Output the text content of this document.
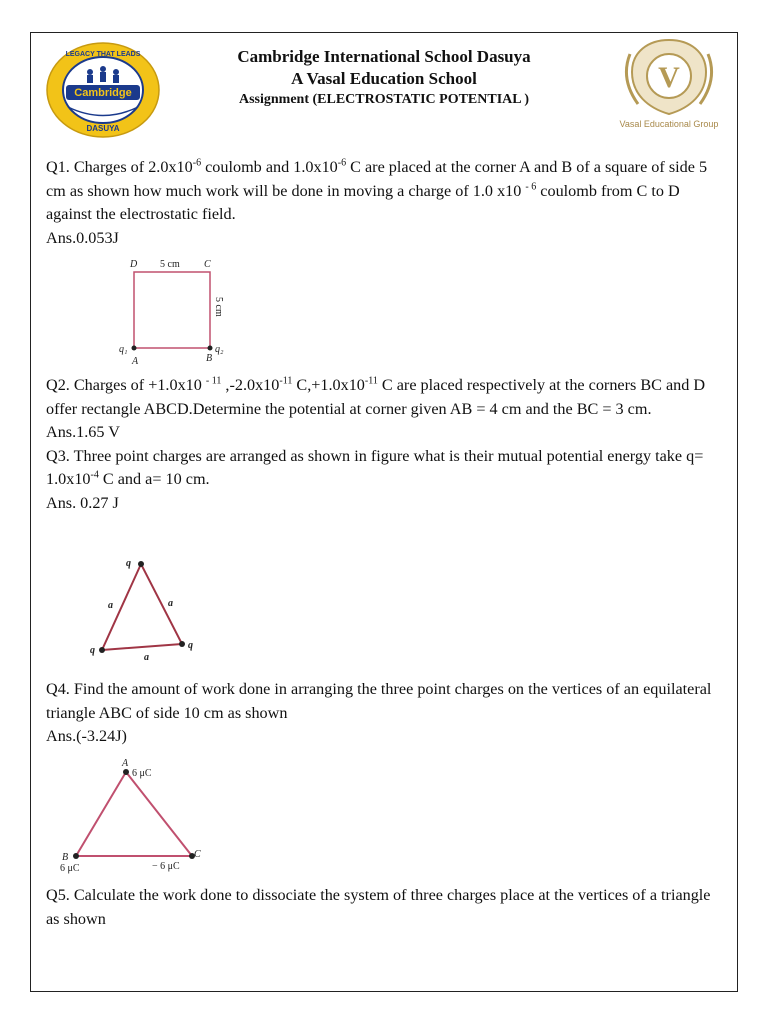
Cambridge
LEGACY THAT LEADS
DASUYA
V
Vasal Educational Group
Cambridge International School Dasuya
A Vasal Education School
Assignment (ELECTROSTATIC POTENTIAL )

Q1. Charges of $2.0x10^{-6}$ coulomb and $1.0x10^{-6}$ C are placed at the corner A and B of a square of side 5 cm as shown how much work will be done in moving a charge of 1.0 x10 $^{- 6}$ coulomb from C to D against the electrostatic field.

Ans.0.053J

D	C
A	B
q₁	q₂
5 cm
5 cm

Q2. Charges of +1.0x10 $^{- 11}$ $,-2.0x10^{-11}$ $C,+1.0x10^{-11}$ C are placed respectively at the corners BC and D offer rectangle ABCD.Determine the potential at corner given AB = 4 cm and the BC = 3 cm.

Ans.1.65 V

Q3. Three point charges are arranged as shown in figure what is their mutual potential energy take $q= 1.0x10^{-4}$ C and a= 10 cm.

Ans. 0.27 J

q
q	q
a	a
a

Q4. Find the amount of work done in arranging the three point charges on the vertices of an equilateral triangle ABC of side 10 cm as shown

Ans.(-3.24J)

A
B	C
6 μC
6 μC	− 6 μC

Q5. Calculate the work done to dissociate the system of three charges place at the vertices of a triangle as shown
